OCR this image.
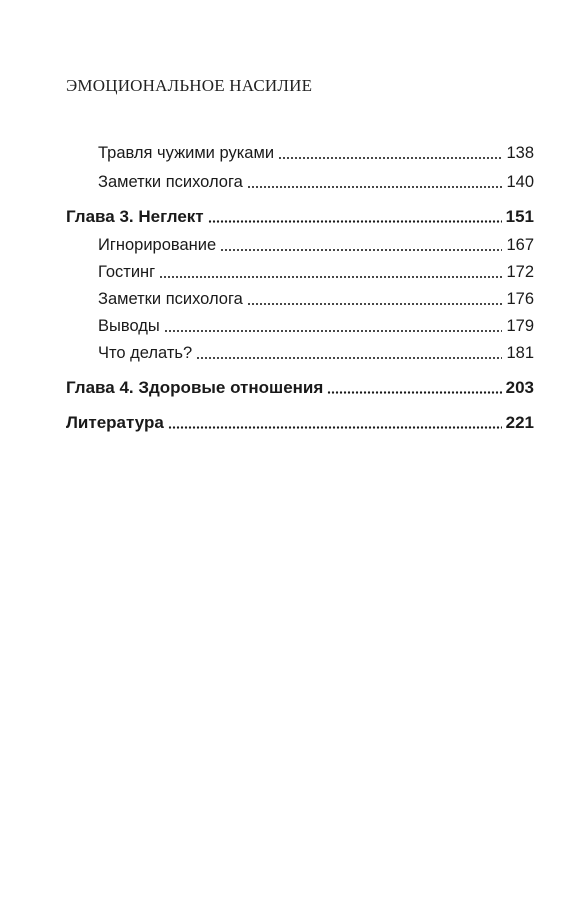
ЭМОЦИОНАЛЬНОЕ НАСИЛИЕ
Травля чужими руками	138
Заметки психолога	140
Глава 3. Неглект	151
Игнорирование	167
Гостинг	172
Заметки психолога	176
Выводы	179
Что делать?	181
Глава 4. Здоровые отношения	203
Литература	221
